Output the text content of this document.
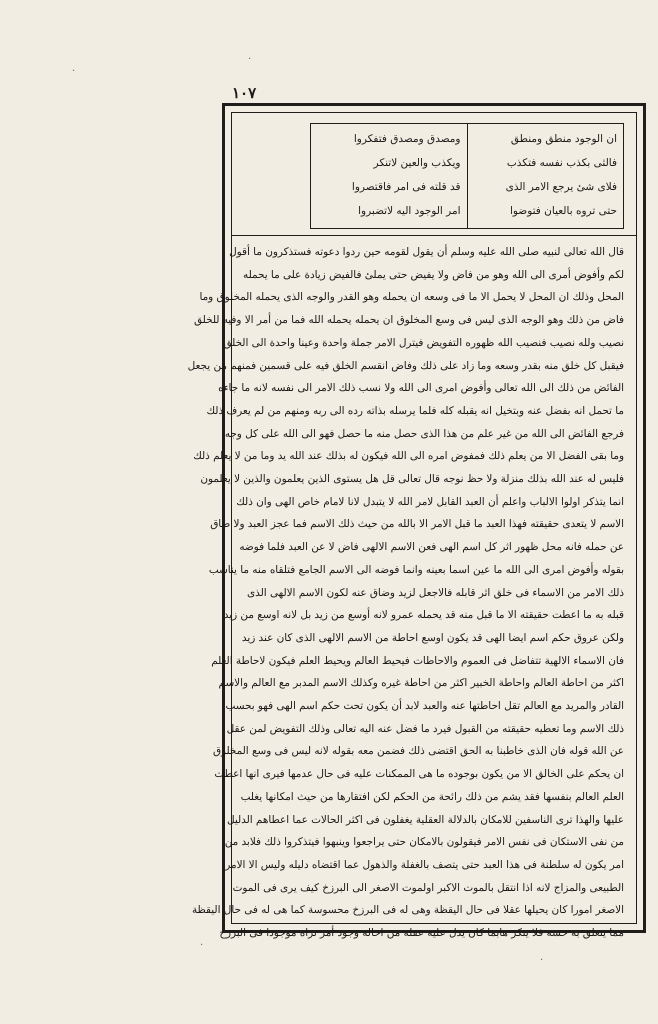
١٠٧
·
·
·
·
ان الوجود منطق ومنطق
فالثى بكذب نفسه فتكذب
فلاى شئ يرجع الامر الذى
حتى تروه بالعيان فتوضوا
ومصدق ومصدق فتفكروا
ويكذب والعين لاتنكر
قد قلته فى امر فاقتصروا
امر الوجود اليه لاتضبروا
قال الله تعالى لنبيه صلى الله عليه وسلم أن يقول لقومه حين ردوا دعوته فستذكرون ما أقول
لكم وأفوض أمرى الى الله وهو من فاض ولا يفيض حتى يملئ فالفيض زيادة على ما يحمله
المحل وذلك ان المحل لا يحمل الا ما فى وسعه ان يحمله وهو القدر والوجه الذى يحمله المخلوق وما
فاض من ذلك وهو الوجه الذى ليس فى وسع المخلوق ان يحمله يحمله الله فما من أمر الا وفيه للخلق
نصيب ولله نصيب فنصيب الله ظهوره التفويض فيترل الامر جملة واحدة وعينا واحدة الى الخلق
فيقبل كل خلق منه بقدر وسعه وما زاد على ذلك وفاض انقسم الخلق فيه على قسمين فمنهم من يجعل
الفائض من ذلك الى الله تعالى وأفوض امرى الى الله ولا نسب ذلك الامر الى نفسه لانه ما جاءه
ما تحمل انه بفضل عنه وبتخيل انه يقبله كله فلما يرسله بذاته رده الى ربه ومنهم من لم يعرف ذلك
فرجع الفائض الى الله من غير علم من هذا الذى حصل منه ما حصل فهو الى الله على كل وجه
وما بقى الفضل الا من يعلم ذلك فمفوض امره الى الله فيكون له بذلك عند الله يد وما من لا يعلم ذلك
فليس له عند الله بذلك منزلة ولا حظ نوجه قال تعالى قل هل يستوى الذين يعلمون والذين لا يعلمون
انما يتذكر اولوا الالباب واعلم أن العبد القابل لامر الله لا يتبدل لانا لامام خاص الهى وان ذلك
الاسم لا يتعدى حقيقته فهذا العبد ما قبل الامر الا بالله من حيث ذلك الاسم فما عجز العبد ولا ضاق
عن حمله فانه محل ظهور اثر كل اسم الهى فعن الاسم الالهى فاض لا عن العبد فلما فوضه
بقوله وأفوض امرى الى الله ما عين اسما بعينه وانما فوضه الى الاسم الجامع فتلقاه منه ما يناسب
ذلك الامر من الاسماء فى خلق اثر قابله فالاجعل لزيد وضاق عنه لكون الاسم الالهى الذى
قبله به ما اعطت حقيقته الا ما قبل منه قد يحمله عمرو لانه أوسع من زيد بل لانه اوسع من زيد
ولكن عروق حكم اسم ايضا الهى قد يكون اوسع احاطة من الاسم الالهى الذى كان عند زيد
فان الاسماء الالهية تتفاضل فى العموم والاحاطات فيحيط العالم ويحيط العلم فيكون لاحاطة العلم
اكثر من احاطة العالم واحاطة الخبير اكثر من احاطة غيره وكذلك الاسم المدبر مع العالم والاسم
القادر والمريد مع العالم تقل احاطتها عنه والعبد لابد أن يكون تحت حكم اسم الهى فهو بحسب
ذلك الاسم وما تعطيه حقيقته من القبول فيرد ما فضل عنه اليه تعالى وذلك التفويض لمن عقل
عن الله قوله فان الذى خاطبنا به الحق اقتضى ذلك فضمن معه بقوله لانه ليس فى وسع المخلوق
ان يحكم على الخالق الا من يكون بوجوده ما هى الممكنات عليه فى حال عدمها فيرى انها اعطت
العلم العالم بنفسها فقد يشم من ذلك رائحة من الحكم لكن افتقارها من حيث امكانها يغلب
عليها والهذا ترى الناسفين للامكان بالدلالة العقلية يغفلون فى اكثر الحالات عما اعطاهم الدليل
من نفى الاستكان فى نفس الامر فيقولون بالامكان حتى يراجعوا وينبهوا فيتذكروا ذلك فلابد من
امر يكون له سلطنة فى هذا العبد حتى يتصف بالغفلة والذهول عما اقتضاه دليله وليس الا الامر
الطبيعى والمزاج لانه اذا انتقل بالموت الاكبر اولموت الاصغر الى البرزخ كيف يرى فى الموت
الاصغر امورا كان يحيلها عقلا فى حال اليقظة وهى له فى البرزخ محسوسة كما هى له فى حال اليقظة
مما يتعلق به حسه فلا ينكر هابما كان يدل عليه عقله من احالة وجود أمر تراه موجودا فى البرزخ
